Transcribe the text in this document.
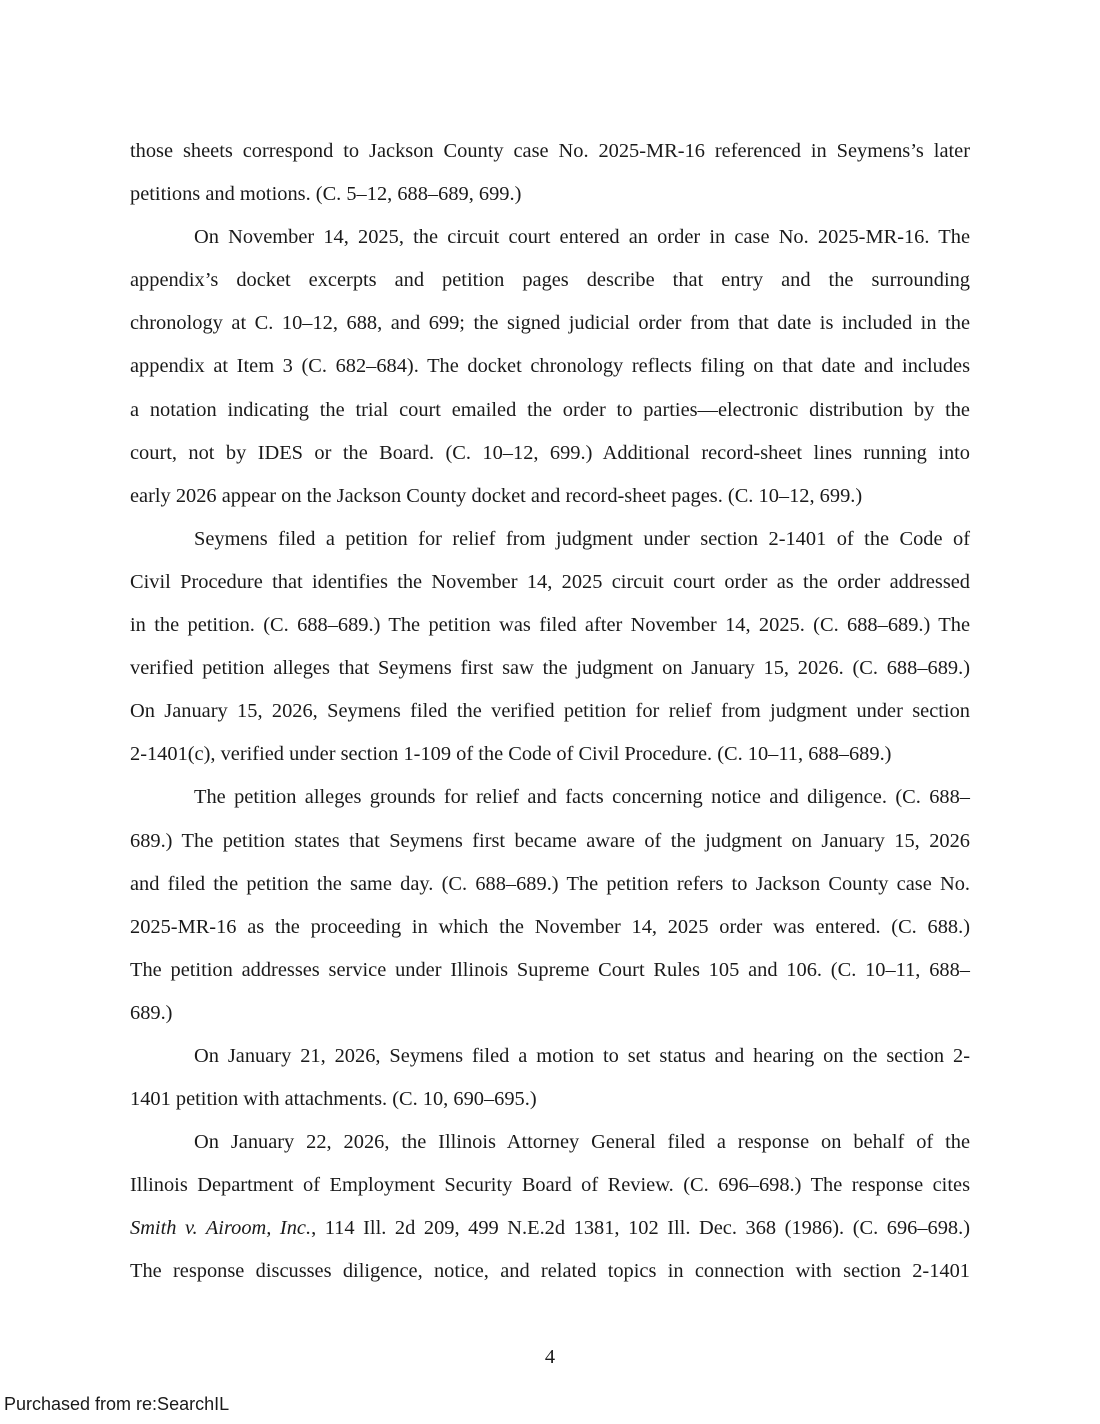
those sheets correspond to Jackson County case No. 2025-MR-16 referenced in Seymens’s later
petitions and motions. (C. 5–12, 688–689, 699.)
On November 14, 2025, the circuit court entered an order in case No. 2025-MR-16. The
appendix’s docket excerpts and petition pages describe that entry and the surrounding
chronology at C. 10–12, 688, and 699; the signed judicial order from that date is included in the
appendix at Item 3 (C. 682–684). The docket chronology reflects filing on that date and includes
a notation indicating the trial court emailed the order to parties—electronic distribution by the
court, not by IDES or the Board. (C. 10–12, 699.) Additional record-sheet lines running into
early 2026 appear on the Jackson County docket and record-sheet pages. (C. 10–12, 699.)
Seymens filed a petition for relief from judgment under section 2-1401 of the Code of
Civil Procedure that identifies the November 14, 2025 circuit court order as the order addressed
in the petition. (C. 688–689.) The petition was filed after November 14, 2025. (C. 688–689.) The
verified petition alleges that Seymens first saw the judgment on January 15, 2026. (C. 688–689.)
On January 15, 2026, Seymens filed the verified petition for relief from judgment under section
2-1401(c), verified under section 1-109 of the Code of Civil Procedure. (C. 10–11, 688–689.)
The petition alleges grounds for relief and facts concerning notice and diligence. (C. 688–
689.) The petition states that Seymens first became aware of the judgment on January 15, 2026
and filed the petition the same day. (C. 688–689.) The petition refers to Jackson County case No.
2025-MR-16 as the proceeding in which the November 14, 2025 order was entered. (C. 688.)
The petition addresses service under Illinois Supreme Court Rules 105 and 106. (C. 10–11, 688–
689.)
On January 21, 2026, Seymens filed a motion to set status and hearing on the section 2-
1401 petition with attachments. (C. 10, 690–695.)
On January 22, 2026, the Illinois Attorney General filed a response on behalf of the
Illinois Department of Employment Security Board of Review. (C. 696–698.) The response cites
Smith v. Airoom, Inc., 114 Ill. 2d 209, 499 N.E.2d 1381, 102 Ill. Dec. 368 (1986). (C. 696–698.)
The response discusses diligence, notice, and related topics in connection with section 2-1401
4
Purchased from re:SearchIL
